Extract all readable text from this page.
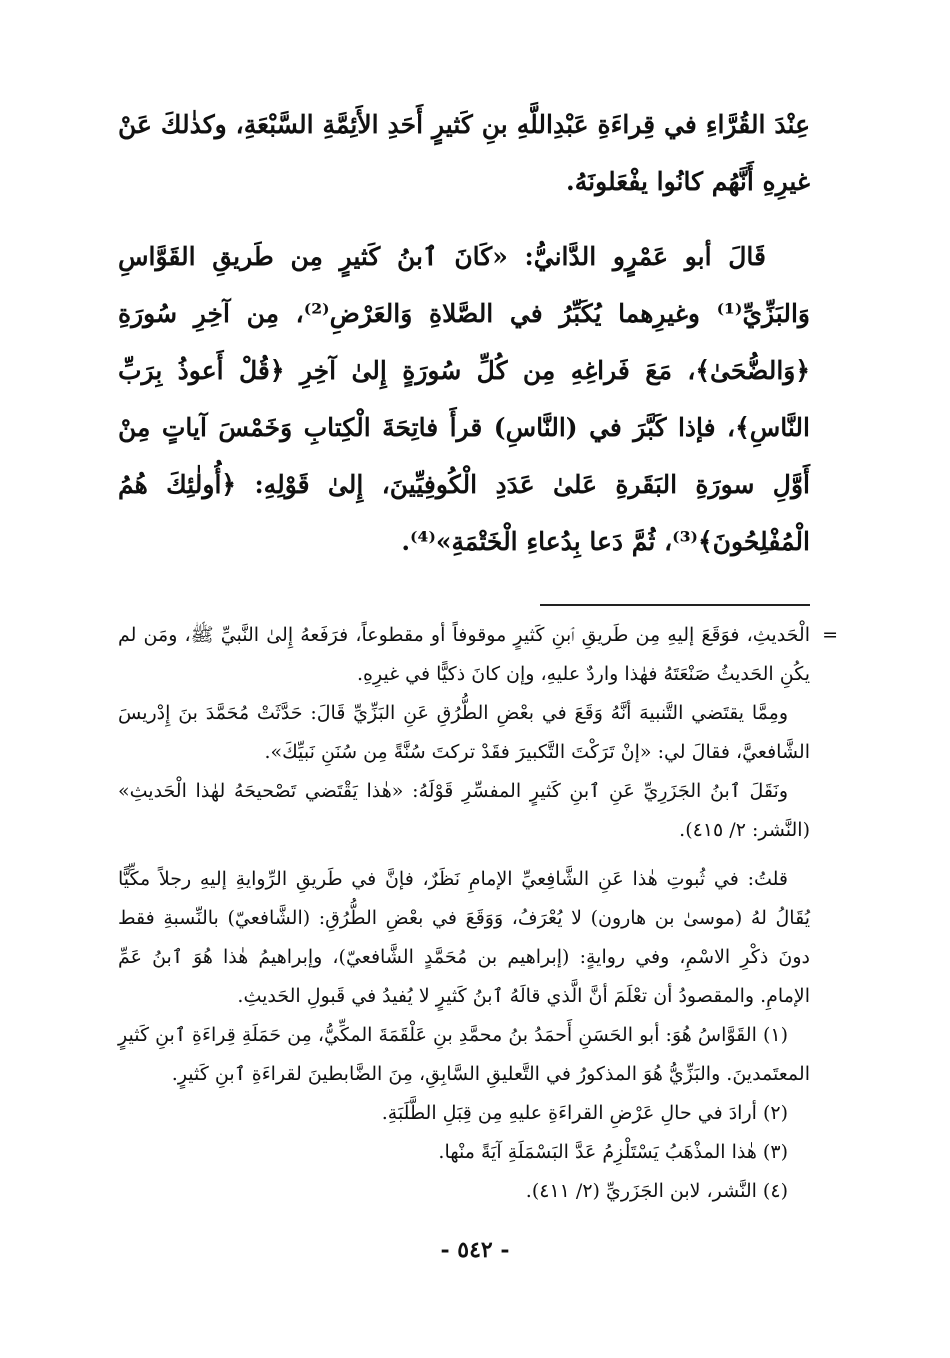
عِنْدَ القُرَّاءِ في قِراءَةِ عَبْدِاللَّهِ بنِ كَثيرٍ أَحَدِ الأَئِمَّةِ السَّبْعَةِ، وكذٰلكَ عَنْ غيرِهِ أَنَّهُم كانُوا يفْعَلونَهُ.

قَالَ أبو عَمْرٍو الدَّانيُّ: «كَانَ ٱبنُ كَثيرٍ مِن طَريقِ القَوَّاسِ وَالبَزِّيِّ⁽¹⁾ وغيرِهما يُكَبِّرُ في الصَّلاةِ وَالعَرْضِ⁽²⁾، مِن آخِرِ سُورَةِ ﴿وَالضُّحَىٰ﴾، مَعَ فَراغِهِ مِن كُلِّ سُورَةٍ إِلىٰ آخِرِ ﴿قُلْ أَعوذُ بِرَبِّ النَّاسِ﴾، فإذا كَبَّرَ في (النَّاسِ) قرأَ فاتِحَةَ الْكِتابِ وَخَمْسَ آياتٍ مِنْ أَوَّلِ سورَةِ البَقَرةِ عَلىٰ عَدَدِ الْكُوفِيِّينَ، إِلىٰ قَوْلِهِ: ﴿أُولٰئِكَ هُمُ الْمُفْلِحُونَ﴾⁽³⁾، ثُمَّ دَعا بِدُعاءِ الْخَتْمَةِ»⁽⁴⁾.

=

الْحَديثِ، فوَقَعَ إليهِ مِن طَريقِ ٱبنِ كَثيرٍ موقوفاً أو مقطوعاً، فرَفَعهُ إِلىٰ النَّبيِّ ﷺ، ومَن لم يكُنِ الحَديثُ صَنْعَتَهُ فهٰذا واردٌ عليهِ، وإن كانَ ذكيًّا في غيرِهِ.

ومِمَّا يقتَضي التَّنبيهَ أنَّهُ وَقَعَ في بعْضِ الطُّرُقِ عَنِ البَزِّيِّ قَالَ: حَدَّثَتْ مُحَمَّدَ بنَ إِدْريسَ الشَّافعيَّ، فقالَ لي: «إنْ تَرَكْتَ التَّكبيرَ فقَدْ تركتَ سُنَّةً مِن سُنَنِ نَبيِّكَ».

ونَقَلَ ٱبنُ الجَزَرِيِّ عَنِ ٱبنِ كَثيرٍ المفسِّرِ قَوْلَهُ: «هٰذا يَقْتَضي تَصْحيحَهُ لهٰذا الْحَديثِ» (النَّشر: ٢/ ٤١٥).

قلتُ: في ثُبوتِ هٰذا عَنِ الشَّافِعيِّ الإمامِ نَظَرٌ، فإنَّ في طَريقِ الرِّوايةِ إليهِ رجلاً مكِّيًّا يُقَالُ لهُ (موسىٰ بن هارون) لا يُعْرَفُ، وَوَقَعَ في بعْضِ الطُّرُقِ: (الشَّافعيّ) بالنِّسبةِ فقط دونَ ذكْرِ الاسْمِ، وفي روايةٍ: (إبراهيم بن مُحَمَّدٍ الشَّافعيّ)، وإبراهيمُ هٰذا هُوَ ٱبنُ عَمِّ الإمامِ. والمقصودُ أن تعْلَمَ أنَّ الَّذي قالَهُ ٱبنُ كَثيرٍ لا يُفيدُ في قَبولِ الحَديثِ.

(١) القَوَّاسُ هُوَ: أبو الحَسَنِ أَحمَدُ بنُ محمَّدِ بنِ عَلْقَمَةَ المكِّيُّ، مِن حَمَلَةِ قِراءَةِ ٱبنِ كَثيرٍ المعتَمدينَ. والبَزِّيُّ هُوَ المذكورُ في التَّعليقِ السَّابِقِ، مِنَ الضَّابطينَ لقراءَةِ ٱبنِ كَثيرٍ.

(٢) أرادَ في حالِ عَرْضِ القراءَةِ عليهِ مِن قِبَلِ الطَّلَبَةِ.

(٣) هٰذا المذْهَبُ يَسْتَلْزِمُ عَدَّ البَسْمَلَةِ آيَةً منْها.

(٤) النَّشر، لابن الجَزَريِّ (٢/ ٤١١).

- ٥٤٢ -
